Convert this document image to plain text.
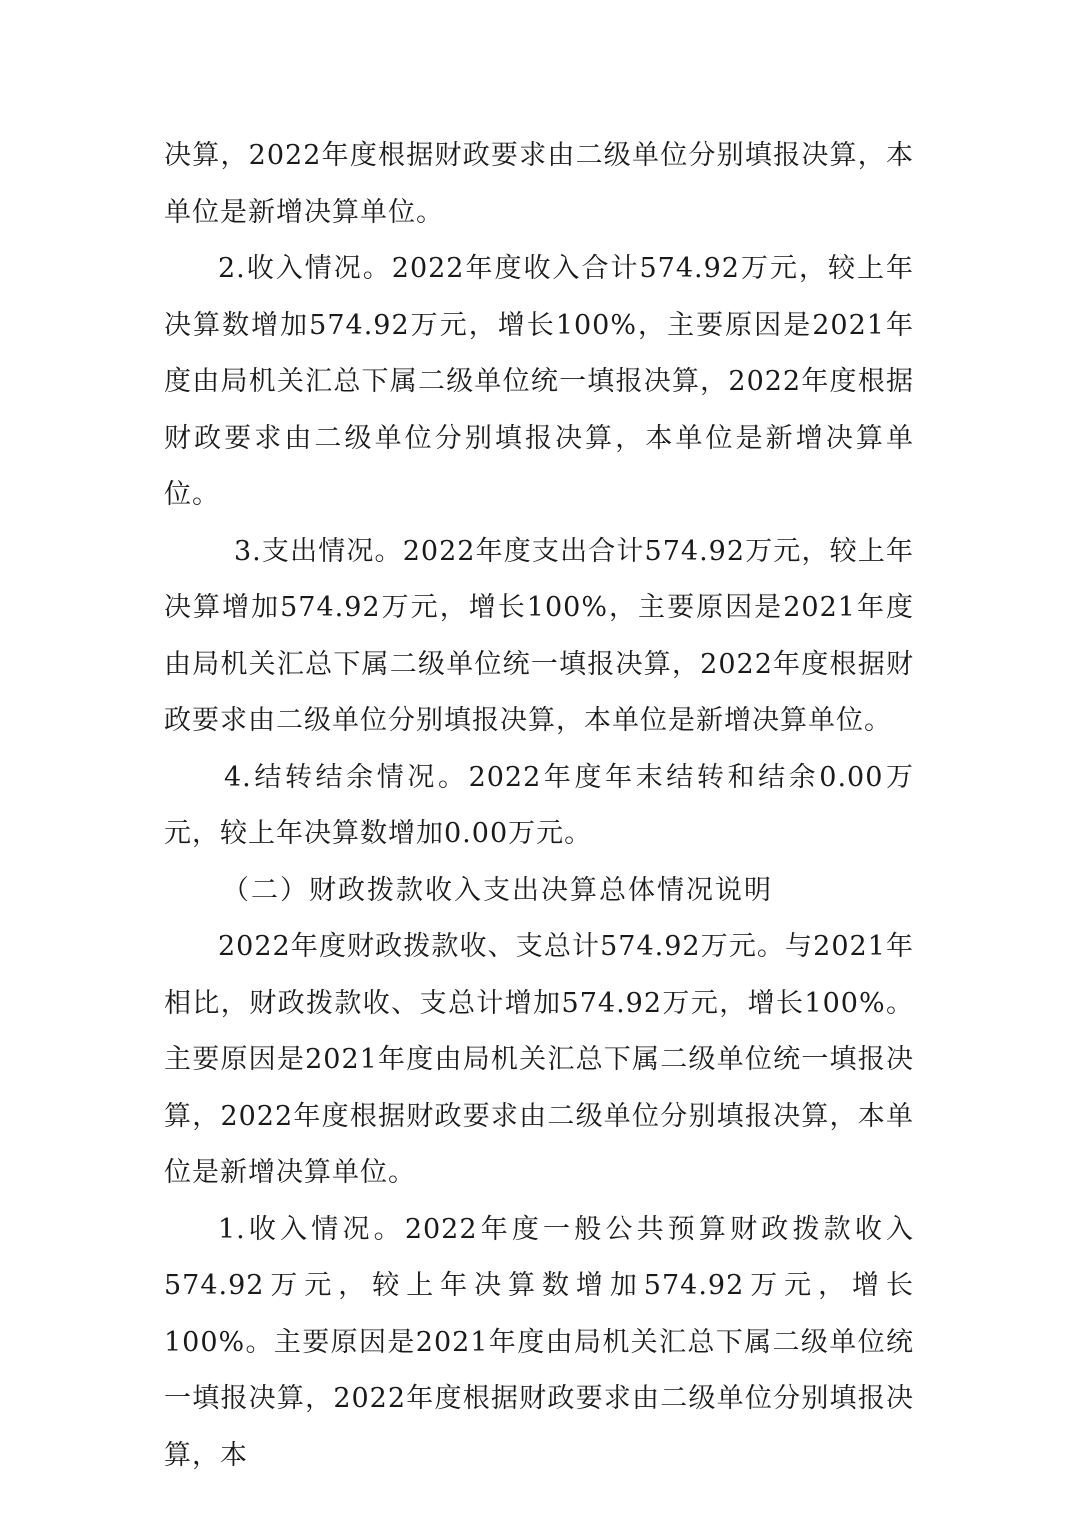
决算，2022年度根据财政要求由二级单位分别填报决算，本单位是新增决算单位。

2.收入情况。2022年度收入合计574.92万元，较上年决算数增加574.92万元，增长100%，主要原因是2021年度由局机关汇总下属二级单位统一填报决算，2022年度根据财政要求由二级单位分别填报决算，本单位是新增决算单位。

3.支出情况。2022年度支出合计574.92万元，较上年决算增加574.92万元，增长100%，主要原因是2021年度由局机关汇总下属二级单位统一填报决算，2022年度根据财政要求由二级单位分别填报决算，本单位是新增决算单位。

4.结转结余情况。2022年度年末结转和结余0.00万元，较上年决算数增加0.00万元。

（二）财政拨款收入支出决算总体情况说明

2022年度财政拨款收、支总计574.92万元。与2021年相比，财政拨款收、支总计增加574.92万元，增长100%。主要原因是2021年度由局机关汇总下属二级单位统一填报决算，2022年度根据财政要求由二级单位分别填报决算，本单位是新增决算单位。

1.收入情况。2022年度一般公共预算财政拨款收入574.92万元，较上年决算数增加574.92万元，增长100%。主要原因是2021年度由局机关汇总下属二级单位统一填报决算，2022年度根据财政要求由二级单位分别填报决算，本
